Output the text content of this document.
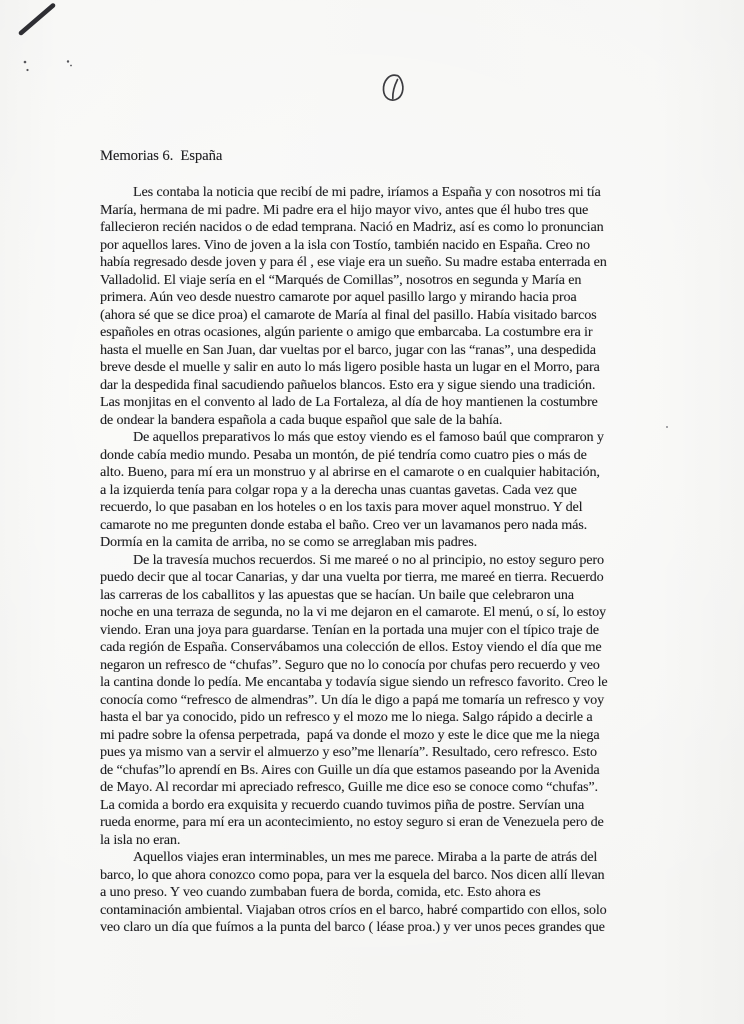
Memorias 6.  España
Les contaba la noticia que recibí de mi padre, iríamos a España y con nosotros mi tía
María, hermana de mi padre. Mi padre era el hijo mayor vivo, antes que él hubo tres que
fallecieron recién nacidos o de edad temprana. Nació en Madriz, así es como lo pronuncian
por aquellos lares. Vino de joven a la isla con Tostío, también nacido en España. Creo no
había regresado desde joven y para él , ese viaje era un sueño. Su madre estaba enterrada en
Valladolid. El viaje sería en el “Marqués de Comillas”, nosotros en segunda y María en
primera. Aún veo desde nuestro camarote por aquel pasillo largo y mirando hacia proa
(ahora sé que se dice proa) el camarote de María al final del pasillo. Había visitado barcos
españoles en otras ocasiones, algún pariente o amigo que embarcaba. La costumbre era ir
hasta el muelle en San Juan, dar vueltas por el barco, jugar con las “ranas”, una despedida
breve desde el muelle y salir en auto lo más ligero posible hasta un lugar en el Morro, para
dar la despedida final sacudiendo pañuelos blancos. Esto era y sigue siendo una tradición.
Las monjitas en el convento al lado de La Fortaleza, al día de hoy mantienen la costumbre
de ondear la bandera española a cada buque español que sale de la bahía.
De aquellos preparativos lo más que estoy viendo es el famoso baúl que compraron y
donde cabía medio mundo. Pesaba un montón, de pié tendría como cuatro pies o más de
alto. Bueno, para mí era un monstruo y al abrirse en el camarote o en cualquier habitación,
a la izquierda tenía para colgar ropa y a la derecha unas cuantas gavetas. Cada vez que
recuerdo, lo que pasaban en los hoteles o en los taxis para mover aquel monstruo. Y del
camarote no me pregunten donde estaba el baño. Creo ver un lavamanos pero nada más.
Dormía en la camita de arriba, no se como se arreglaban mis padres.
De la travesía muchos recuerdos. Si me mareé o no al principio, no estoy seguro pero
puedo decir que al tocar Canarias, y dar una vuelta por tierra, me mareé en tierra. Recuerdo
las carreras de los caballitos y las apuestas que se hacían. Un baile que celebraron una
noche en una terraza de segunda, no la vi me dejaron en el camarote. El menú, o sí, lo estoy
viendo. Eran una joya para guardarse. Tenían en la portada una mujer con el típico traje de
cada región de España. Conservábamos una colección de ellos. Estoy viendo el día que me
negaron un refresco de “chufas”. Seguro que no lo conocía por chufas pero recuerdo y veo
la cantina donde lo pedía. Me encantaba y todavía sigue siendo un refresco favorito. Creo le
conocía como “refresco de almendras”. Un día le digo a papá me tomaría un refresco y voy
hasta el bar ya conocido, pido un refresco y el mozo me lo niega. Salgo rápido a decirle a
mi padre sobre la ofensa perpetrada,  papá va donde el mozo y este le dice que me la niega
pues ya mismo van a servir el almuerzo y eso”me llenaría”. Resultado, cero refresco. Esto
de “chufas”lo aprendí en Bs. Aires con Guille un día que estamos paseando por la Avenida
de Mayo. Al recordar mi apreciado refresco, Guille me dice eso se conoce como “chufas”.
La comida a bordo era exquisita y recuerdo cuando tuvimos piña de postre. Servían una
rueda enorme, para mí era un acontecimiento, no estoy seguro si eran de Venezuela pero de
la isla no eran.
Aquellos viajes eran interminables, un mes me parece. Miraba a la parte de atrás del
barco, lo que ahora conozco como popa, para ver la esquela del barco. Nos dicen allí llevan
a uno preso. Y veo cuando zumbaban fuera de borda, comida, etc. Esto ahora es
contaminación ambiental. Viajaban otros críos en el barco, habré compartido con ellos, solo
veo claro un día que fuímos a la punta del barco ( léase proa.) y ver unos peces grandes que
